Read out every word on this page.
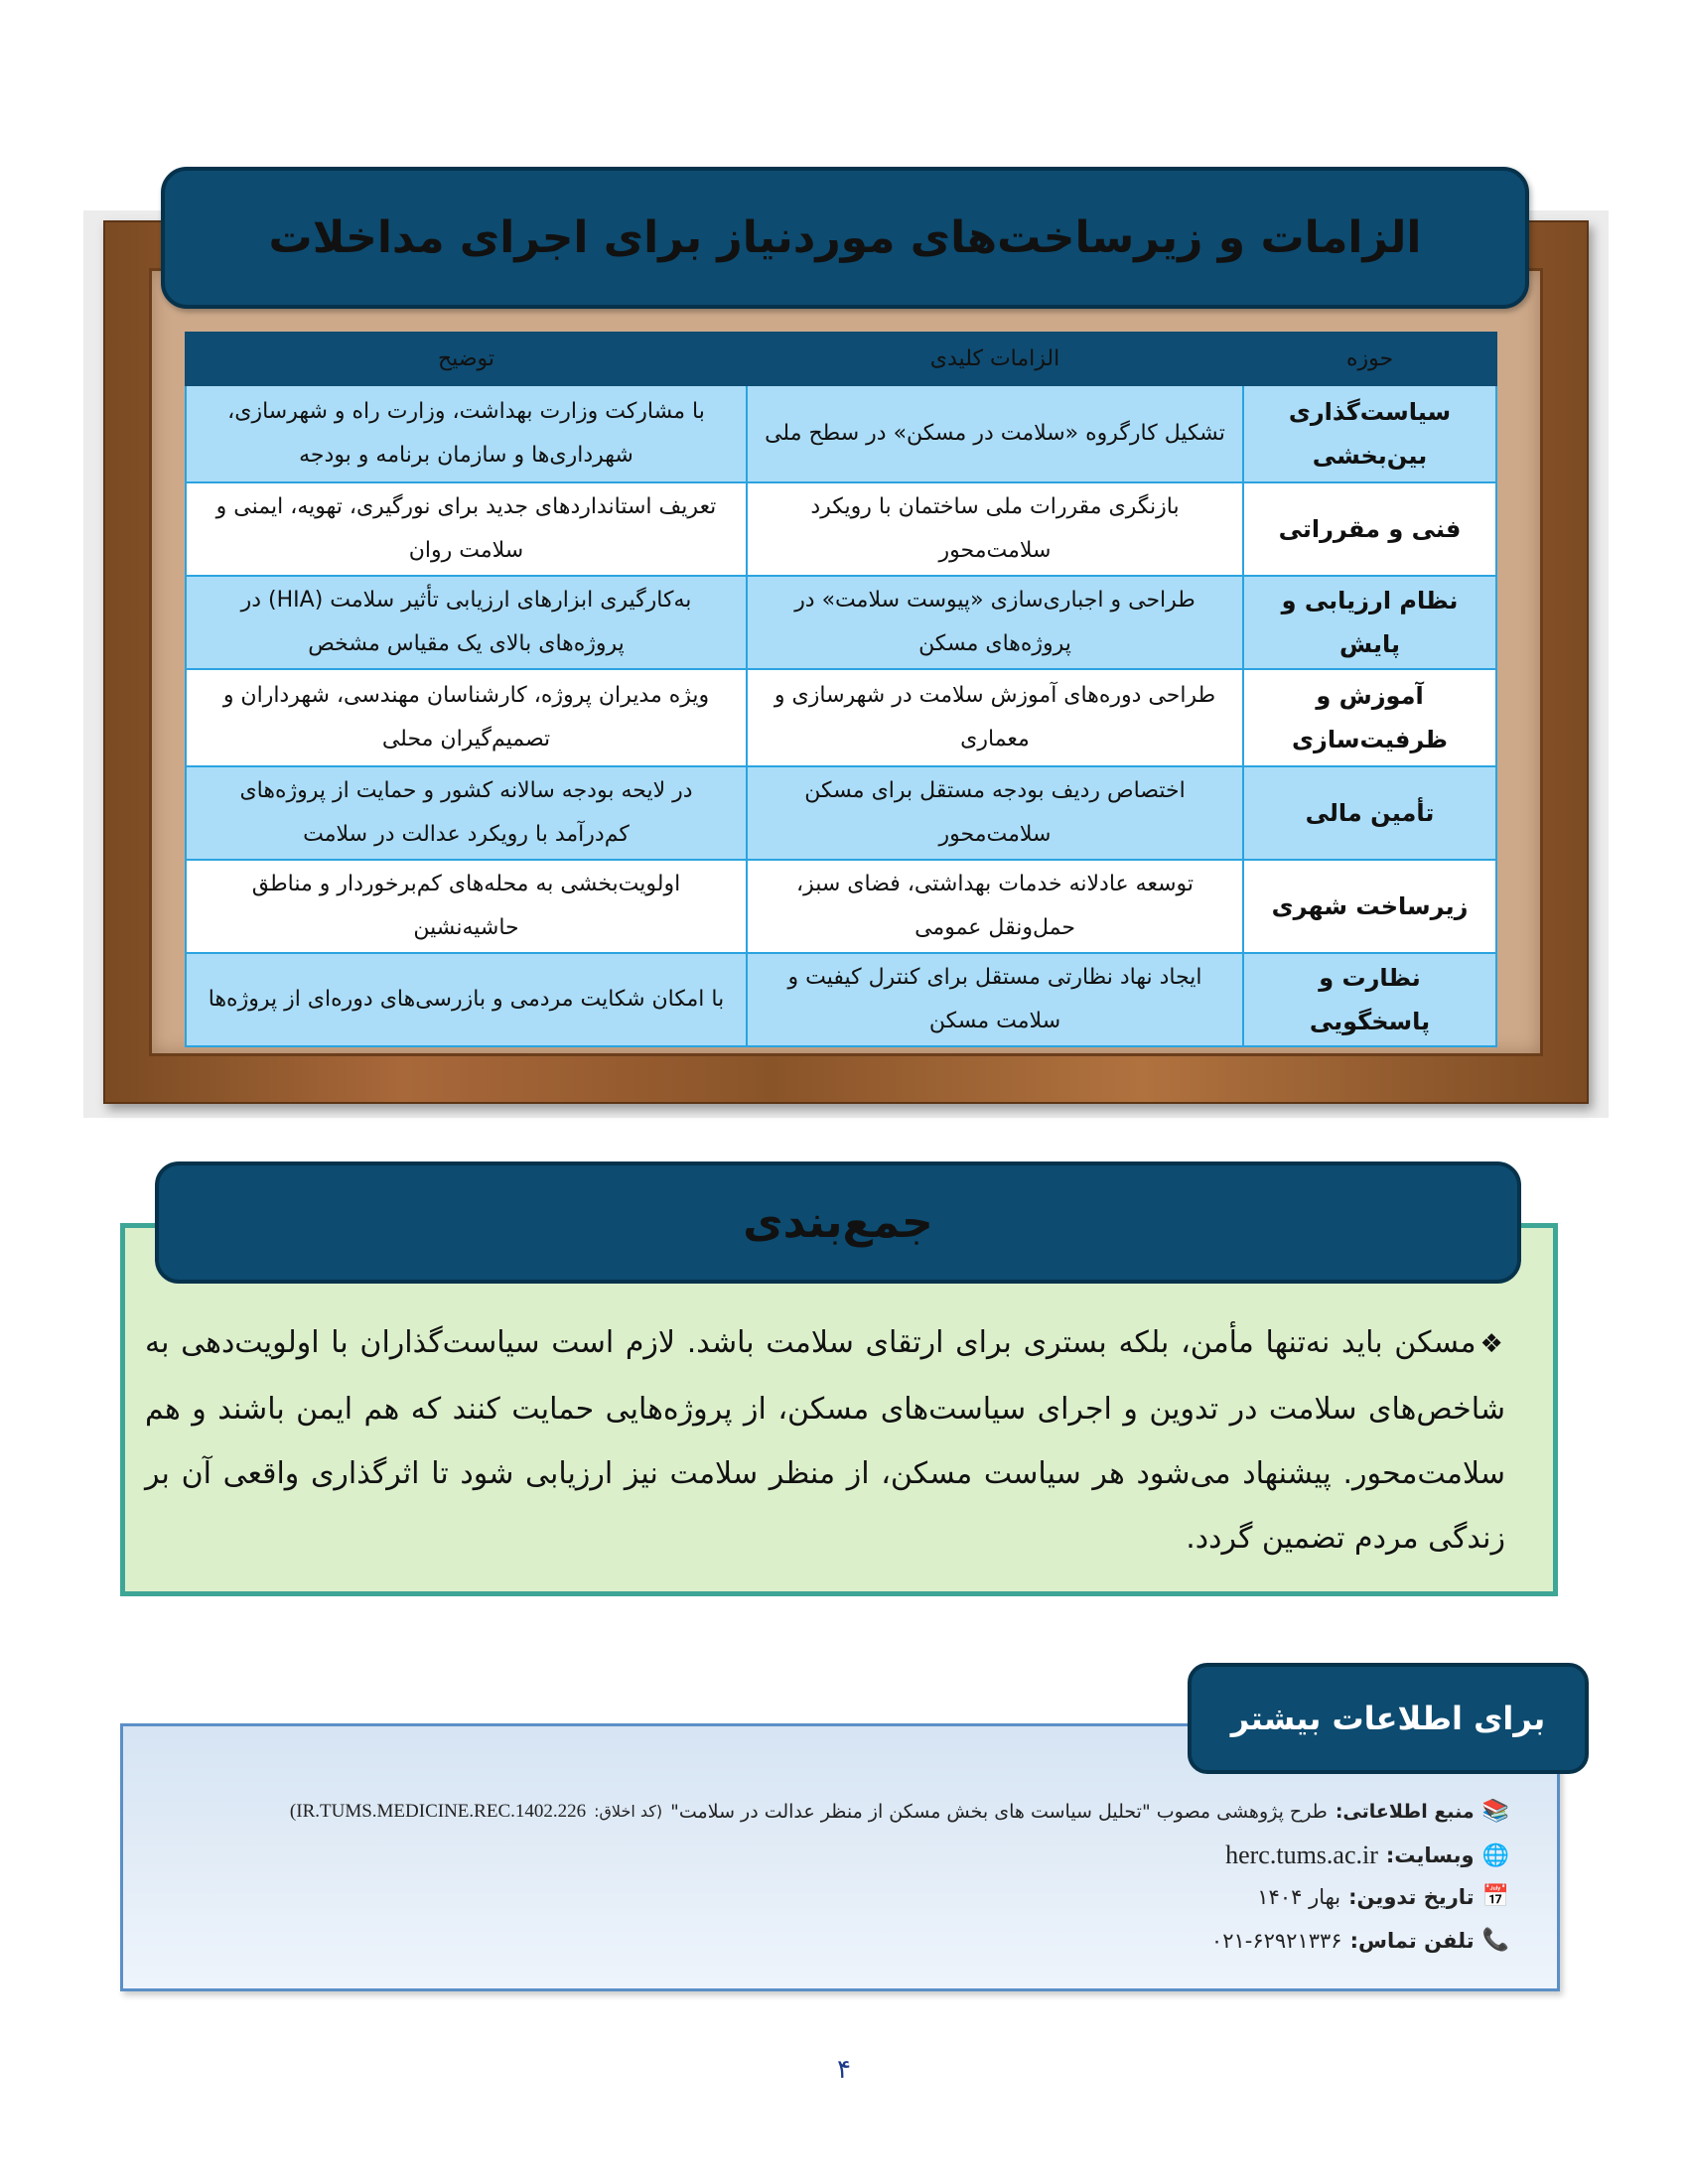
الزامات و زیرساخت‌های موردنیاز برای اجرای مداخلات
حوزه	الزامات کلیدی	توضیح
سیاست‌گذاری بین‌بخشی	تشکیل کارگروه «سلامت در مسکن» در سطح ملی	با مشارکت وزارت بهداشت، وزارت راه و شهرسازی، شهرداری‌ها و سازمان برنامه و بودجه
فنی و مقرراتی	بازنگری مقررات ملی ساختمان با رویکرد سلامت‌محور	تعریف استانداردهای جدید برای نورگیری، تهویه، ایمنی و سلامت روان
نظام ارزیابی و پایش	طراحی و اجباری‌سازی «پیوست سلامت» در پروژه‌های مسکن	به‌کارگیری ابزارهای ارزیابی تأثیر سلامت (HIA) در پروژه‌های بالای یک مقیاس مشخص
آموزش و ظرفیت‌سازی	طراحی دوره‌های آموزش سلامت در شهرسازی و معماری	ویژه مدیران پروژه، کارشناسان مهندسی، شهرداران و تصمیم‌گیران محلی
تأمین مالی	اختصاص ردیف بودجه مستقل برای مسکن سلامت‌محور	در لایحه بودجه سالانه کشور و حمایت از پروژه‌های کم‌درآمد با رویکرد عدالت در سلامت
زیرساخت شهری	توسعه عادلانه خدمات بهداشتی، فضای سبز، حمل‌ونقل عمومی	اولویت‌بخشی به محله‌های کم‌برخوردار و مناطق حاشیه‌نشین
نظارت و پاسخگویی	ایجاد نهاد نظارتی مستقل برای کنترل کیفیت و سلامت مسکن	با امکان شکایت مردمی و بازرسی‌های دوره‌ای از پروژه‌ها
جمع‌بندی

❖مسکن باید نه‌تنها مأمن، بلکه بستری برای ارتقای سلامت باشد. لازم است سیاست‌گذاران با اولویت‌دهی به شاخص‌های سلامت در تدوین و اجرای سیاست‌های مسکن، از پروژه‌هایی حمایت کنند که هم ایمن باشند و هم سلامت‌محور. پیشنهاد می‌شود هر سیاست مسکن، از منظر سلامت نیز ارزیابی شود تا اثرگذاری واقعی آن بر زندگی مردم تضمین گردد.

برای اطلاعات بیشتر
📚
منبع اطلاعاتی:
طرح پژوهشی مصوب "تحلیل سیاست های بخش مسکن از منظر عدالت در سلامت"
(کد اخلاق:
IR.TUMS.MEDICINE.REC.1402.226)
🌐
وبسایت:
herc.tums.ac.ir
📅
تاریخ تدوین:
بهار ۱۴۰۴
📞
تلفن تماس:
۰۲۱-۶۲۹۲۱۳۳۶
۴
